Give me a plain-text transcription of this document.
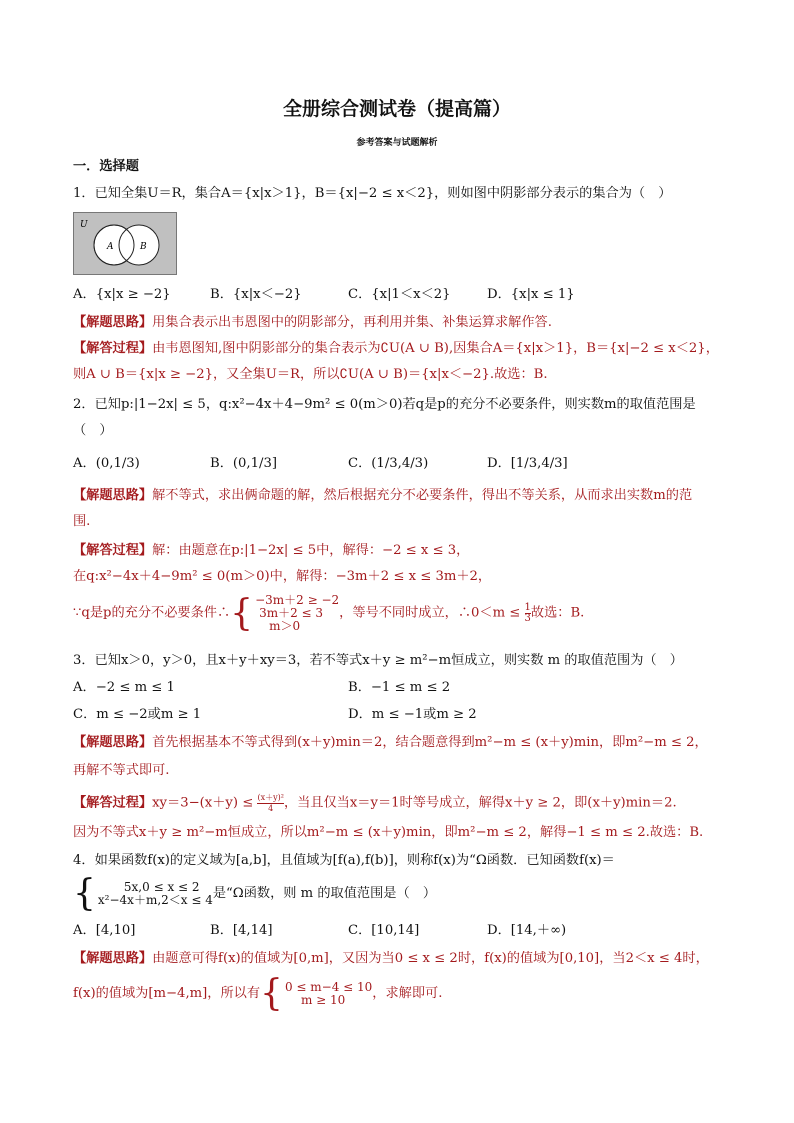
全册综合测试卷（提高篇）
参考答案与试题解析
一．选择题
1．已知全集U＝R，集合A＝{x|x＞1}，B＝{x|−2 ≤ x＜2}，则如图中阴影部分表示的集合为（　）
U
A	B
A．{x|x ≥ −2}	B．{x|x＜−2}	C．{x|1＜x＜2}	D．{x|x ≤ 1}
【解题思路】用集合表示出韦恩图中的阴影部分，再利用并集、补集运算求解作答.
【解答过程】由韦恩图知,图中阴影部分的集合表示为∁U(A ∪ B),因集合A＝{x|x＞1}，B＝{x|−2 ≤ x＜2}，
则A ∪ B＝{x|x ≥ −2}，又全集U＝R，所以∁U(A ∪ B)＝{x|x＜−2}.故选：B.
2．已知p:|1−2x| ≤ 5，q:x²−4x＋4−9m² ≤ 0(m＞0)若q是p的充分不必要条件，则实数m的取值范围是
（　）
A．(0,1/3)	B．(0,1/3]	C．(1/3,4/3)	D．[1/3,4/3]
【解题思路】解不等式，求出俩命题的解，然后根据充分不必要条件，得出不等关系，从而求出实数m的范
围.
【解答过程】解：由题意在p:|1−2x| ≤ 5中，解得：−2 ≤ x ≤ 3，
在q:x²−4x＋4−9m² ≤ 0(m＞0)中，解得：−3m＋2 ≤ x ≤ 3m＋2，
∵q是p的充分不必要条件∴ { −3m＋2 ≥ −2
3m＋2 ≤ 3
m＞0
，等号不同时成立，∴0＜m ≤ $\frac{1}{3}$ 故选：B.
3．已知x＞0，y＞0，且x＋y＋xy＝3，若不等式x＋y ≥ m²−m恒成立，则实数 m 的取值范围为（　）
A．−2 ≤ m ≤ 1	B．−1 ≤ m ≤ 2
C．m ≤ −2或m ≥ 1	D．m ≤ −1或m ≥ 2
【解题思路】首先根据基本不等式得到(x＋y)min＝2，结合题意得到m²−m ≤ (x＋y)min，即m²−m ≤ 2，
再解不等式即可.
【解答过程】$xy=3-(x+y) \le \frac{\text{(x＋y)²}}{4}$ ，当且仅当x＝y＝1时等号成立，解得x＋y ≥ 2，即(x＋y)min＝2.
因为不等式x＋y ≥ m²−m恒成立，所以m²−m ≤ (x＋y)min，即m²−m ≤ 2，解得−1 ≤ m ≤ 2.故选：B.
4．如果函数f(x)的定义域为[a,b]，且值域为[f(a),f(b)]，则称f(x)为“Ω函数．已知函数f(x)＝
{	5x,0 ≤ x ≤ 2
x²−4x＋m,2＜x ≤ 4 是“Ω函数，则 m 的取值范围是（　）
A．[4,10]	B．[4,14]	C．[10,14]	D．[14,＋∞)
【解题思路】由题意可得f(x)的值域为[0,m]，又因为当0 ≤ x ≤ 2时，f(x)的值域为[0,10]，当2＜x ≤ 4时，
f(x)的值域为[m−4,m]，所以有 { 0 ≤ m−4 ≤ 10
m ≥ 10	，求解即可.
